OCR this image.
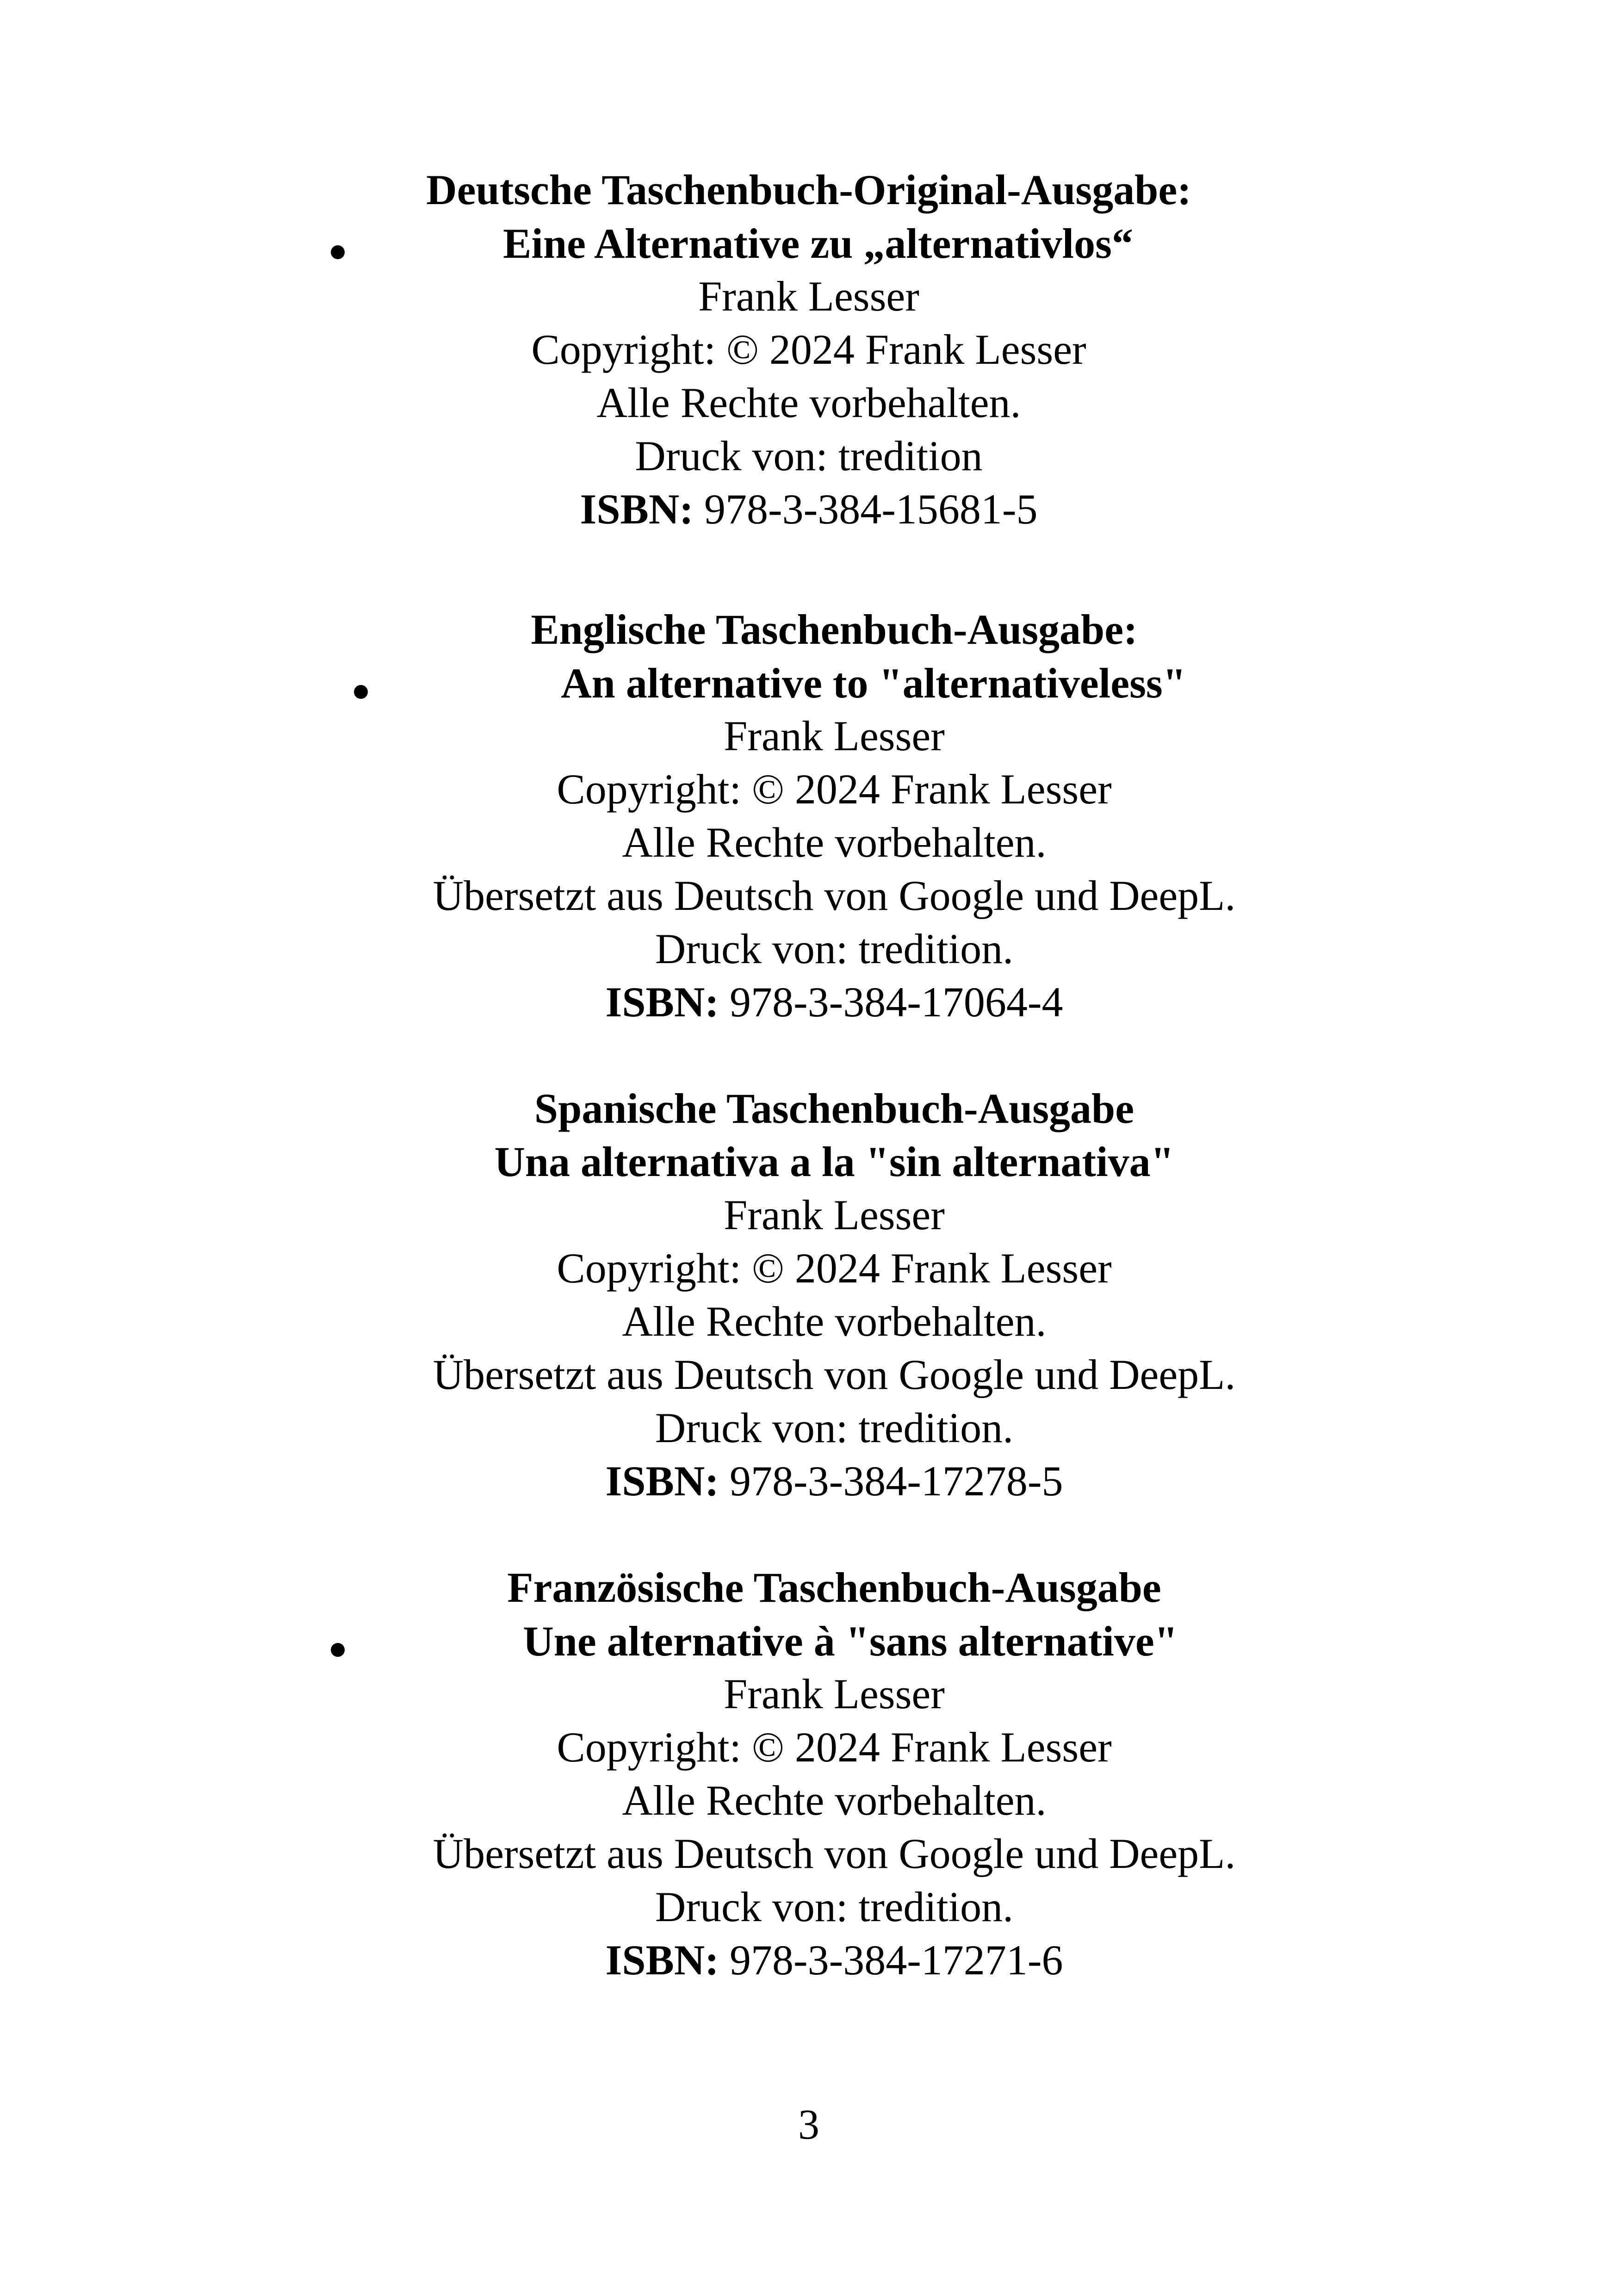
Deutsche Taschenbuch-Original-Ausgabe:
Eine Alternative zu „alternativlos“
Frank Lesser
Copyright: © 2024 Frank Lesser
Alle Rechte vorbehalten.
Druck von: tredition
ISBN: 978-3-384-15681-5
Englische Taschenbuch-Ausgabe:
An alternative to "alternativeless"
Frank Lesser
Copyright: © 2024 Frank Lesser
Alle Rechte vorbehalten.
Übersetzt aus Deutsch von Google und DeepL.
Druck von: tredition.
ISBN: 978-3-384-17064-4
Spanische Taschenbuch-Ausgabe
Una alternativa a la "sin alternativa"
Frank Lesser
Copyright: © 2024 Frank Lesser
Alle Rechte vorbehalten.
Übersetzt aus Deutsch von Google und DeepL.
Druck von: tredition.
ISBN: 978-3-384-17278-5
Französische Taschenbuch-Ausgabe
Une alternative à "sans alternative"
Frank Lesser
Copyright: © 2024 Frank Lesser
Alle Rechte vorbehalten.
Übersetzt aus Deutsch von Google und DeepL.
Druck von: tredition.
ISBN: 978-3-384-17271-6
3
